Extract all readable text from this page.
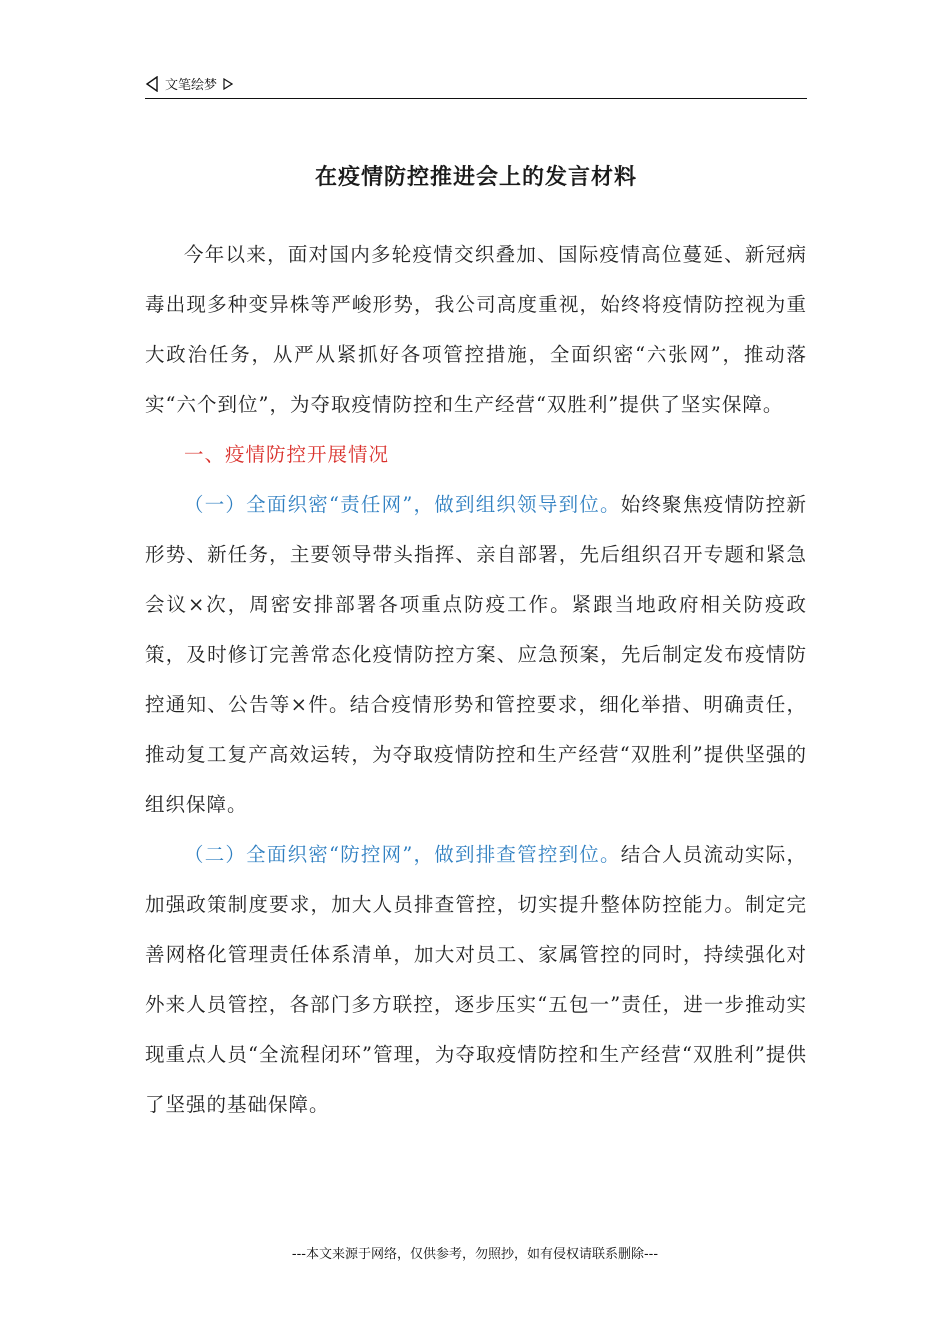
文笔绘梦
在疫情防控推进会上的发言材料

今年以来，面对国内多轮疫情交织叠加、国际疫情高位蔓延、新冠病毒出现多种变异株等严峻形势，我公司高度重视，始终将疫情防控视为重大政治任务，从严从紧抓好各项管控措施，全面织密“六张网”，推动落实“六个到位”，为夺取疫情防控和生产经营“双胜利”提供了坚实保障。

一、疫情防控开展情况

（一）全面织密“责任网”，做到组织领导到位。始终聚焦疫情防控新形势、新任务，主要领导带头指挥、亲自部署，先后组织召开专题和紧急会议×次，周密安排部署各项重点防疫工作。紧跟当地政府相关防疫政策，及时修订完善常态化疫情防控方案、应急预案，先后制定发布疫情防控通知、公告等×件。结合疫情形势和管控要求，细化举措、明确责任，推动复工复产高效运转，为夺取疫情防控和生产经营“双胜利”提供坚强的组织保障。

（二）全面织密“防控网”，做到排查管控到位。结合人员流动实际，加强政策制度要求，加大人员排查管控，切实提升整体防控能力。制定完善网格化管理责任体系清单，加大对员工、家属管控的同时，持续强化对外来人员管控，各部门多方联控，逐步压实“五包一”责任，进一步推动实现重点人员“全流程闭环”管理，为夺取疫情防控和生产经营“双胜利”提供了坚强的基础保障。

---本文来源于网络，仅供参考，勿照抄，如有侵权请联系删除---
